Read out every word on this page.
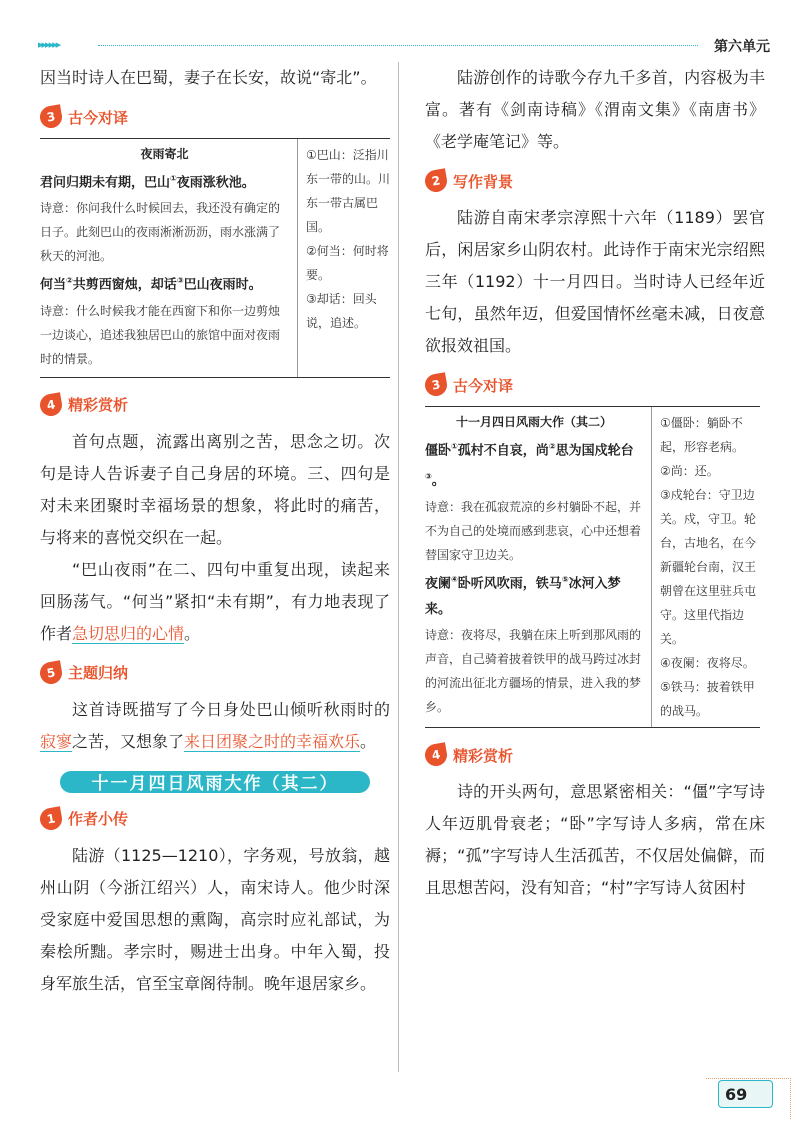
▸▸▸▸▸▸	第六单元

因当时诗人在巴蜀，妻子在长安，故说“寄北”。

3 古今对译
夜雨寄北
君问归期未有期，巴山①夜雨涨秋池。
诗意：你问我什么时候回去，我还没有确定的日子。此刻巴山的夜雨淅淅沥沥，雨水涨满了秋天的河池。
何当②共剪西窗烛，却话③巴山夜雨时。
诗意：什么时候我才能在西窗下和你一边剪烛一边谈心，追述我独居巴山的旅馆中面对夜雨时的情景。
①巴山：泛指川东一带的山。川东一带古属巴国。
②何当：何时将要。
③却话：回头说，追述。
4 精彩赏析

首句点题，流露出离别之苦，思念之切。次句是诗人告诉妻子自己身居的环境。三、四句是对未来团聚时幸福场景的想象，将此时的痛苦，与将来的喜悦交织在一起。

“巴山夜雨”在二、四句中重复出现，读起来回肠荡气。“何当”紧扣“未有期”，有力地表现了作者急切思归的心情。

5 主题归纳

这首诗既描写了今日身处巴山倾听秋雨时的寂寥之苦，又想象了来日团聚之时的幸福欢乐。

十一月四日风雨大作（其二）
1 作者小传

陆游（1125—1210），字务观，号放翁，越州山阴（今浙江绍兴）人，南宋诗人。他少时深受家庭中爱国思想的熏陶，高宗时应礼部试，为秦桧所黜。孝宗时，赐进士出身。中年入蜀，投身军旅生活，官至宝章阁待制。晚年退居家乡。

陆游创作的诗歌今存九千多首，内容极为丰富。著有《剑南诗稿》《渭南文集》《南唐书》《老学庵笔记》等。

2 写作背景

陆游自南宋孝宗淳熙十六年（1189）罢官后，闲居家乡山阴农村。此诗作于南宋光宗绍熙三年（1192）十一月四日。当时诗人已经年近七旬，虽然年迈，但爱国情怀丝毫未减，日夜意欲报效祖国。

3 古今对译
十一月四日风雨大作（其二）
僵卧①孤村不自哀，尚②思为国戍轮台③。
诗意：我在孤寂荒凉的乡村躺卧不起，并不为自己的处境而感到悲哀，心中还想着替国家守卫边关。
夜阑④卧听风吹雨，铁马⑤冰河入梦来。
诗意：夜将尽，我躺在床上听到那风雨的声音，自己骑着披着铁甲的战马跨过冰封的河流出征北方疆场的情景，进入我的梦乡。
①僵卧：躺卧不起，形容老病。
②尚：还。
③戍轮台：守卫边关。戍，守卫。轮台，古地名，在今新疆轮台南，汉王朝曾在这里驻兵屯守。这里代指边关。
④夜阑：夜将尽。
⑤铁马：披着铁甲的战马。
4 精彩赏析

诗的开头两句，意思紧密相关：“僵”字写诗人年迈肌骨衰老；“卧”字写诗人多病，常在床褥；“孤”字写诗人生活孤苦，不仅居处偏僻，而且思想苦闷，没有知音；“村”字写诗人贫困村

69
